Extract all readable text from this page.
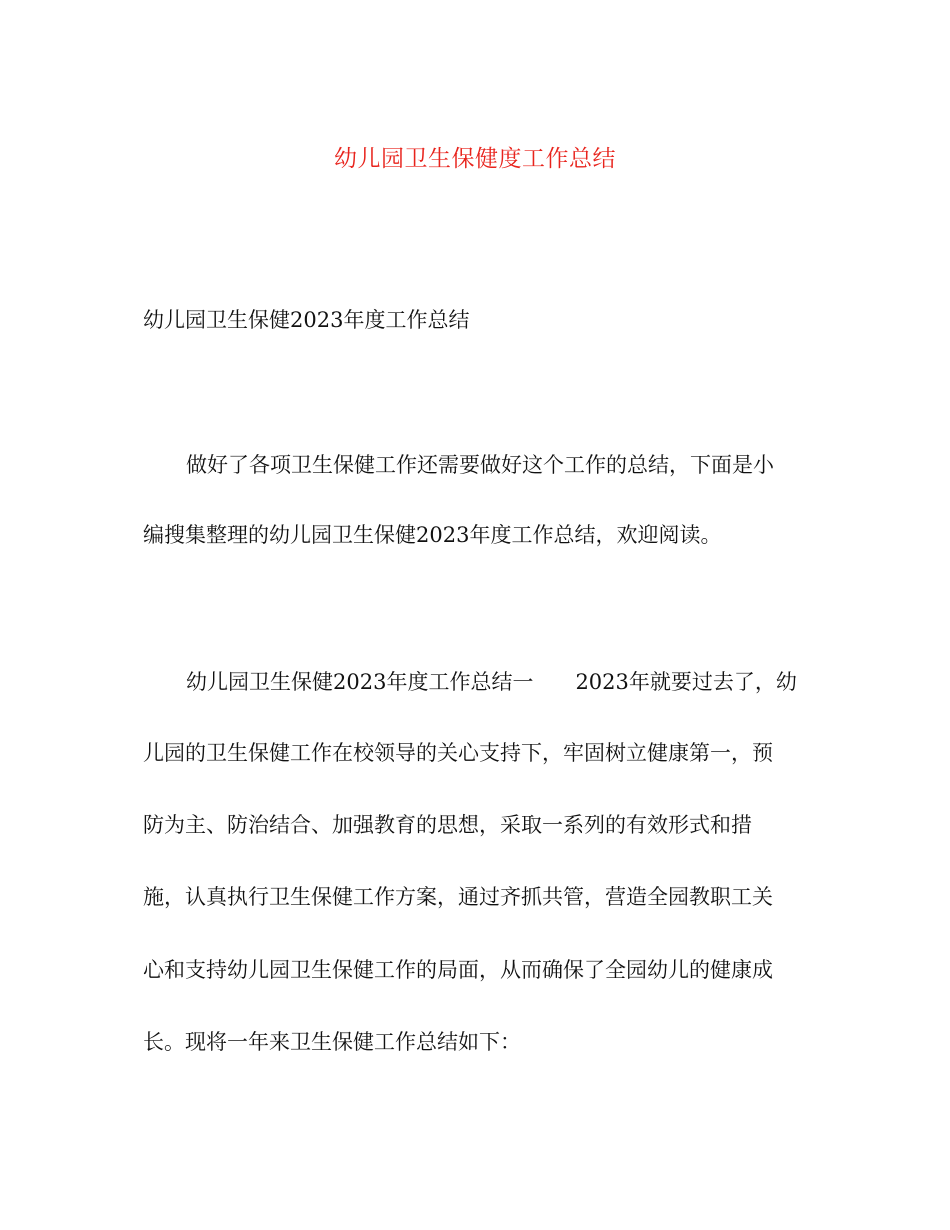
幼儿园卫生保健度工作总结
幼儿园卫生保健2023年度工作总结
做好了各项卫生保健工作还需要做好这个工作的总结，下面是小
编搜集整理的幼儿园卫生保健2023年度工作总结，欢迎阅读。
幼儿园卫生保健2023年度工作总结一　　2023年就要过去了，幼
儿园的卫生保健工作在校领导的关心支持下，牢固树立健康第一，预
防为主、防治结合、加强教育的思想，采取一系列的有效形式和措
施，认真执行卫生保健工作方案，通过齐抓共管，营造全园教职工关
心和支持幼儿园卫生保健工作的局面，从而确保了全园幼儿的健康成
长。现将一年来卫生保健工作总结如下：
